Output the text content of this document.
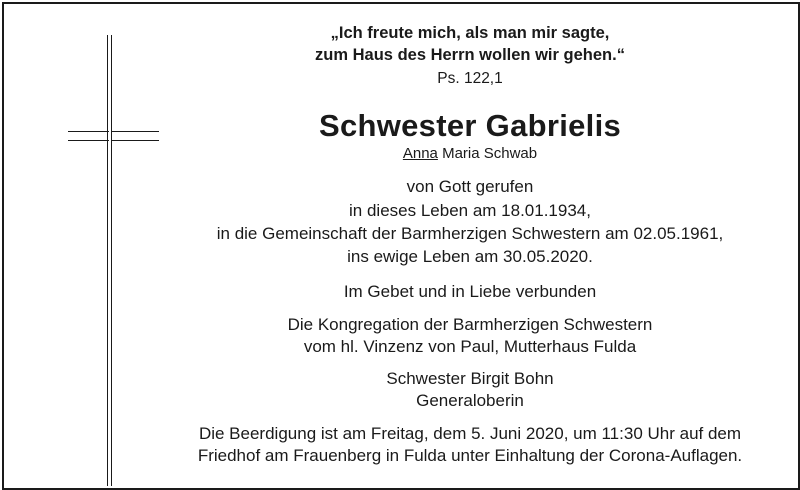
„Ich freute mich, als man mir sagte,
zum Haus des Herrn wollen wir gehen.“
Ps. 122,1
Schwester Gabrielis
Anna Maria Schwab
von Gott gerufen
in dieses Leben am 18.01.1934,
in die Gemeinschaft der Barmherzigen Schwestern am 02.05.1961,
ins ewige Leben am 30.05.2020.
Im Gebet und in Liebe verbunden
Die Kongregation der Barmherzigen Schwestern
vom hl. Vinzenz von Paul, Mutterhaus Fulda
Schwester Birgit Bohn
Generaloberin
Die Beerdigung ist am Freitag, dem 5. Juni 2020, um 11:30 Uhr auf dem
Friedhof am Frauenberg in Fulda unter Einhaltung der Corona-Auflagen.
